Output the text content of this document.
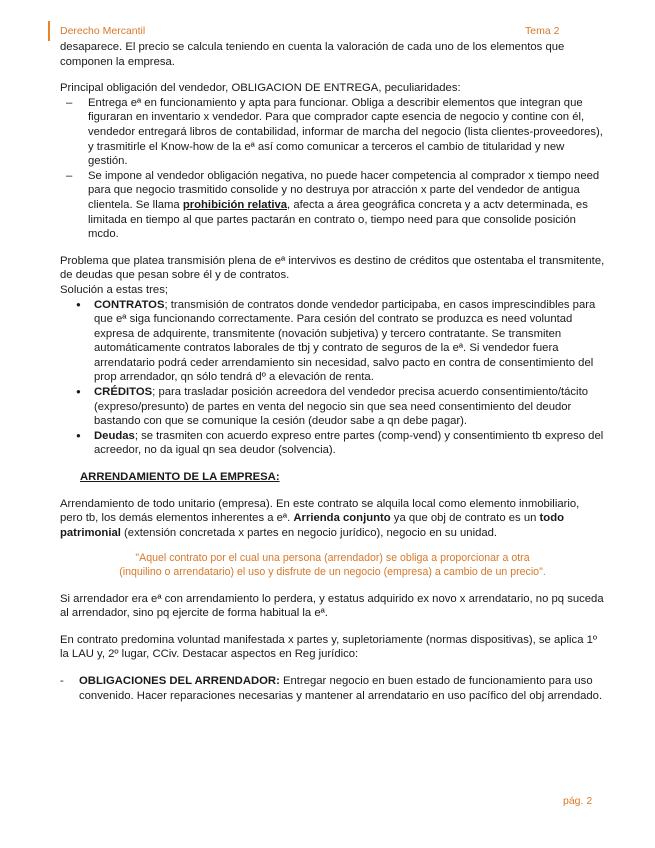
Derecho Mercantil	Tema 2

desaparece. El precio se calcula teniendo en cuenta la valoración de cada uno de los elementos que componen la empresa.

Principal obligación del vendedor, OBLIGACION DE ENTREGA, peculiaridades:

– Entrega eª en funcionamiento y apta para funcionar. Obliga a describir elementos que integran que figuraran en inventario x vendedor. Para que comprador capte esencia de negocio y contine con él, vendedor entregará libros de contabilidad, informar de marcha del negocio (lista clientes-proveedores), y trasmitirle el Know-how de la eª así como comunicar a terceros el cambio de titularidad y new gestión.
– Se impone al vendedor obligación negativa, no puede hacer competencia al comprador x tiempo need para que negocio trasmitido consolide y no destruya por atracción x parte del vendedor de antigua clientela. Se llama prohibición relativa, afecta a área geográfica concreta y a actv determinada, es limitada en tiempo al que partes pactarán en contrato o, tiempo need para que consolide posición mcdo.

Problema que platea transmisión plena de eª intervivos es destino de créditos que ostentaba el transmitente, de deudas que pesan sobre él y de contratos.

Solución a estas tres;

● CONTRATOS; transmisión de contratos donde vendedor participaba, en casos imprescindibles para que eª siga funcionando correctamente. Para cesión del contrato se produzca es need voluntad expresa de adquirente, transmitente (novación subjetiva) y tercero contratante. Se transmiten automáticamente contratos laborales de tbj y contrato de seguros de la eª. Si vendedor fuera arrendatario podrá ceder arrendamiento sin necesidad, salvo pacto en contra de consentimiento del prop arrendador, qn sólo tendrá dº a elevación de renta.
● CRÉDITOS; para trasladar posición acreedora del vendedor precisa acuerdo consentimiento/tácito (expreso/presunto) de partes en venta del negocio sin que sea need consentimiento del deudor bastando con que se comunique la cesión (deudor sabe a qn debe pagar).
● Deudas; se trasmiten con acuerdo expreso entre partes (comp-vend) y consentimiento tb expreso del acreedor, no da igual qn sea deudor (solvencia).

ARRENDAMIENTO DE LA EMPRESA:

Arrendamiento de todo unitario (empresa). En este contrato se alquila local como elemento inmobiliario, pero tb, los demás elementos inherentes a eª. Arrienda conjunto ya que obj de contrato es un todo patrimonial (extensión concretada x partes en negocio jurídico), negocio en su unidad.

"Aquel contrato por el cual una persona (arrendador) se obliga a proporcionar a otra (inquilino o arrendatario) el uso y disfrute de un negocio (empresa) a cambio de un precio".

Si arrendador era eª con arrendamiento lo perdera, y estatus adquirido ex novo x arrendatario, no pq suceda al arrendador, sino pq ejercite de forma habitual la eª.

En contrato predomina voluntad manifestada x partes y, supletoriamente (normas dispositivas), se aplica 1º la LAU y, 2º lugar, CCiv. Destacar aspectos en Reg jurídico:

- OBLIGACIONES DEL ARRENDADOR: Entregar negocio en buen estado de funcionamiento para uso convenido. Hacer reparaciones necesarias y mantener al arrendatario en uso pacífico del obj arrendado.
pág. 2
